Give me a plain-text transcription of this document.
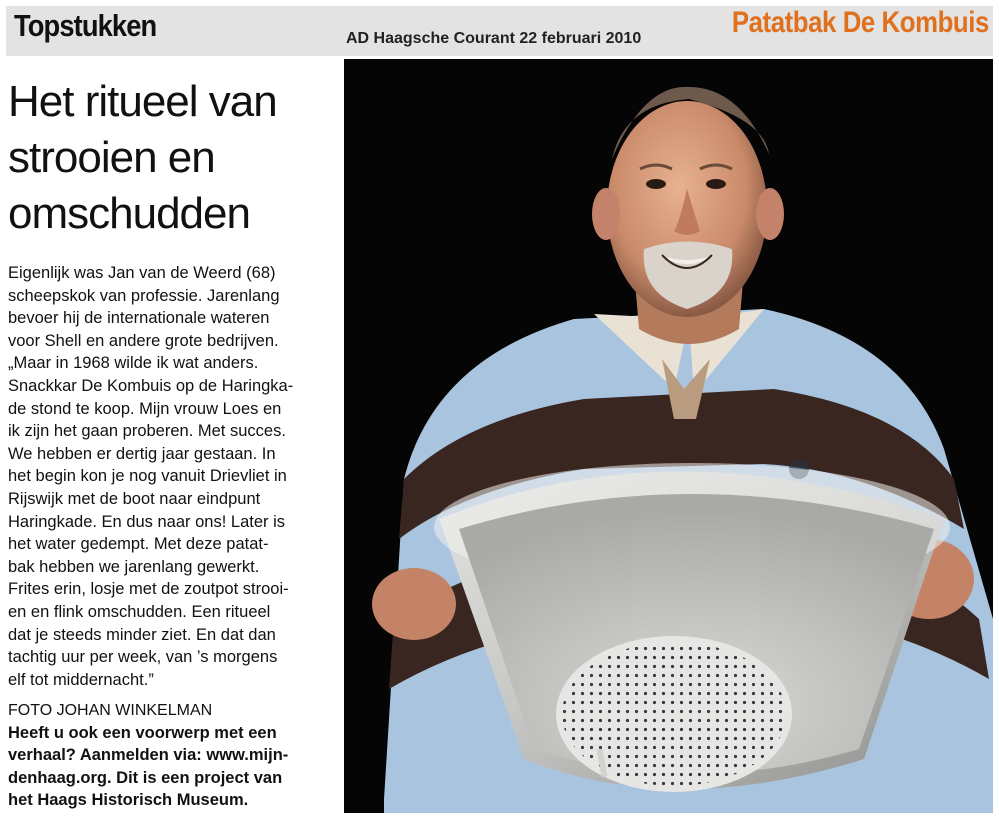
Topstukken	AD Haagsche Courant 22 februari 2010	Patatbak De Kombuis
Het ritueel van
strooien en
omschudden
Eigenlijk was Jan van de Weerd (68)
scheepskok van professie. Jarenlang
bevoer hij de internationale wateren
voor Shell en andere grote bedrijven.
„Maar in 1968 wilde ik wat anders.
Snackkar De Kombuis op de Haringka-
de stond te koop. Mijn vrouw Loes en
ik zijn het gaan proberen. Met succes.
We hebben er dertig jaar gestaan. In
het begin kon je nog vanuit Drievliet in
Rijswijk met de boot naar eindpunt
Haringkade. En dus naar ons! Later is
het water gedempt. Met deze patat-
bak hebben we jarenlang gewerkt.
Frites erin, losje met de zoutpot strooi-
en en flink omschudden. Een ritueel
dat je steeds minder ziet. En dat dan
tachtig uur per week, van ’s morgens
elf tot middernacht.”
FOTO JOHAN WINKELMAN
Heeft u ook een voorwerp met een
verhaal? Aanmelden via: www.mijn-
denhaag.org. Dit is een project van
het Haags Historisch Museum.
